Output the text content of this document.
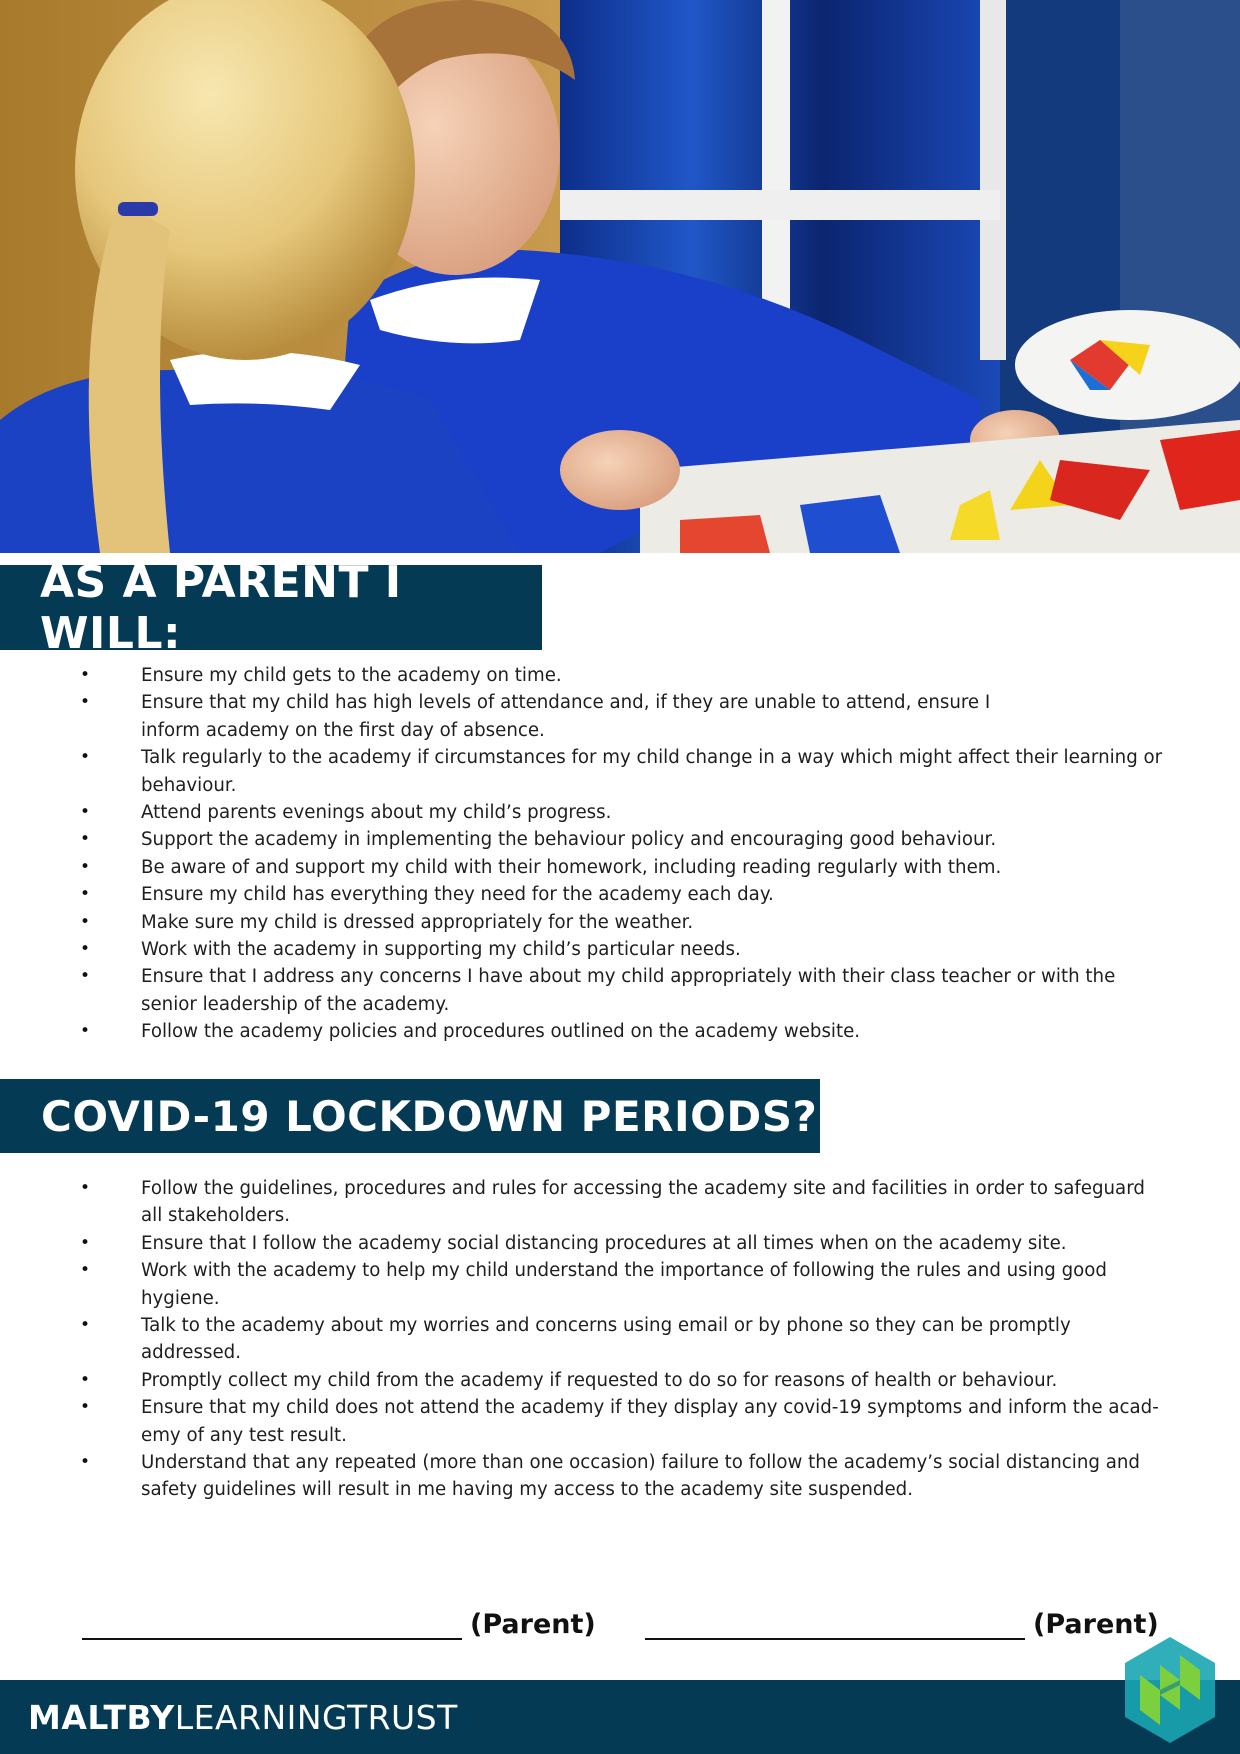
AS A PARENT I WILL:
•	Ensure my child gets to the academy on time.
•	Ensure that my child has high levels of attendance and, if they are unable to attend, ensure I inform academy on the first day of absence.
•	Talk regularly to the academy if circumstances for my child change in a way which might affect their learning or behaviour.
•	Attend parents evenings about my child’s progress.
•	Support the academy in implementing the behaviour policy and encouraging good behaviour.
•	Be aware of and support my child with their homework, including reading regularly with them.
•	Ensure my child has everything they need for the academy each day.
•	Make sure my child is dressed appropriately for the weather.
•	Work with the academy in supporting my child’s particular needs.
•	Ensure that I address any concerns I have about my child appropriately with their class teacher or with the senior leadership of the academy.
•	Follow the academy policies and procedures outlined on the academy website.
COVID-19 LOCKDOWN PERIODS?
•	Follow the guidelines, procedures and rules for accessing the academy site and facilities in order to safeguard all stakeholders.
•	Ensure that I follow the academy social distancing procedures at all times when on the academy site.
•	Work with the academy to help my child understand the importance of following the rules and using good hygiene.
•	Talk to the academy about my worries and concerns using email or by phone so they can be promptly addressed.
•	Promptly collect my child from the academy if requested to do so for reasons of health or behaviour.
•	Ensure that my child does not attend the academy if they display any covid-19 symptoms and inform the acad-emy of any test result.
•	Understand that any repeated (more than one occasion) failure to follow the academy’s social distancing and safety guidelines will result in me having my access to the academy site suspended.
(Parent)	(Parent)
MALTBYLEARNINGTRUST
